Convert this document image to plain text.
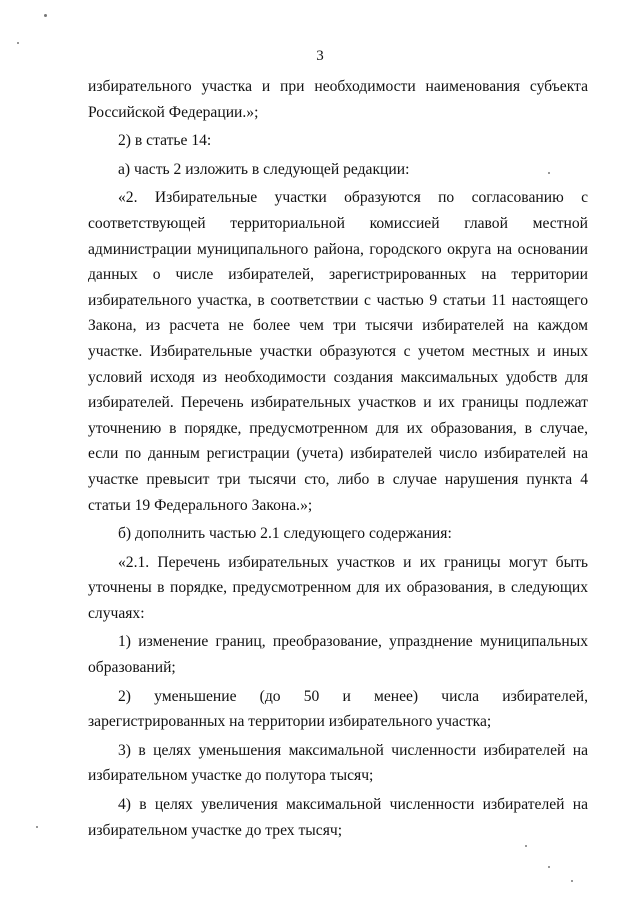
3

избирательного участка и при необходимости наименования субъекта Российской Федерации.»;

2) в статье 14:

а) часть 2 изложить в следующей редакции:

«2. Избирательные участки образуются по согласованию с соответствующей территориальной комиссией главой местной администрации муниципального района, городского округа на основании данных о числе избирателей, зарегистрированных на территории избирательного участка, в соответствии с частью 9 статьи 11 настоящего Закона, из расчета не более чем три тысячи избирателей на каждом участке. Избирательные участки образуются с учетом местных и иных условий исходя из необходимости создания максимальных удобств для избирателей. Перечень избирательных участков и их границы подлежат уточнению в порядке, предусмотренном для их образования, в случае, если по данным регистрации (учета) избирателей число избирателей на участке превысит три тысячи сто, либо в случае нарушения пункта 4 статьи 19 Федерального Закона.»;

б) дополнить частью 2.1 следующего содержания:

«2.1. Перечень избирательных участков и их границы могут быть уточнены в порядке, предусмотренном для их образования, в следующих случаях:

1) изменение границ, преобразование, упразднение муниципальных образований;

2) уменьшение (до 50 и менее) числа избирателей, зарегистрированных на территории избирательного участка;

3) в целях уменьшения максимальной численности избирателей на избирательном участке до полутора тысяч;

4) в целях увеличения максимальной численности избирателей на избирательном участке до трех тысяч;
